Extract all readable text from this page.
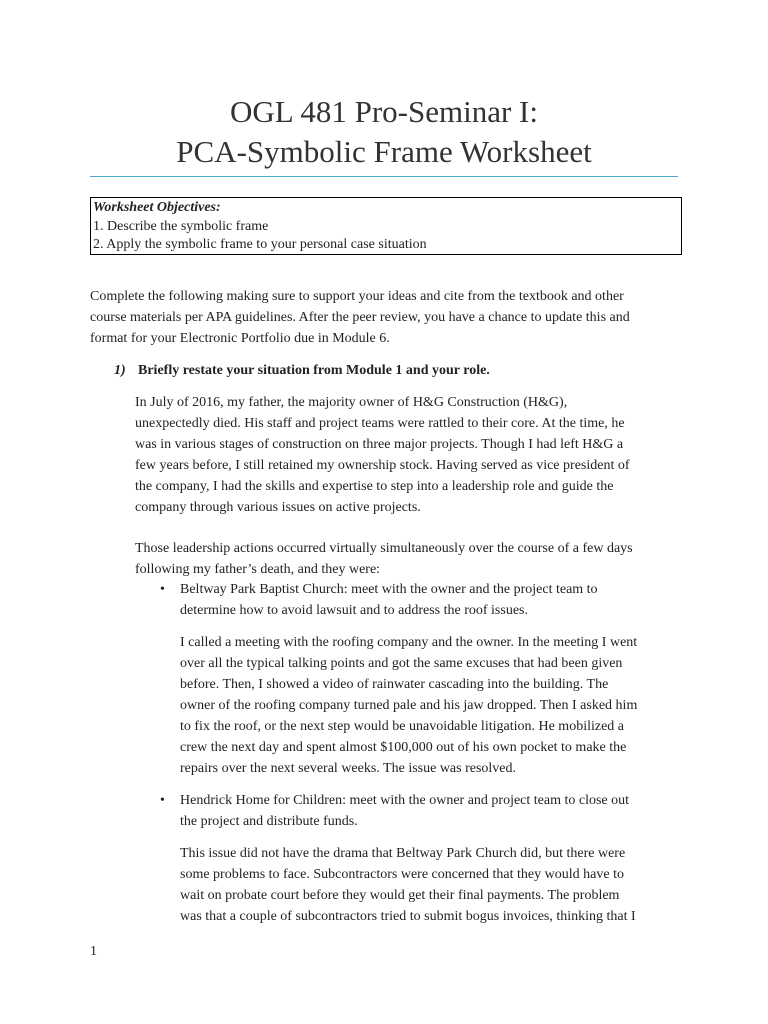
OGL 481 Pro-Seminar I:
PCA-Symbolic Frame Worksheet
Worksheet Objectives:
1. Describe the symbolic frame
2. Apply the symbolic frame to your personal case situation

Complete the following making sure to support your ideas and cite from the textbook and other
course materials per APA guidelines. After the peer review, you have a chance to update this and
format for your Electronic Portfolio due in Module 6.

1) Briefly restate your situation from Module 1 and your role.

In July of 2016, my father, the majority owner of H&G Construction (H&G),
unexpectedly died. His staff and project teams were rattled to their core. At the time, he
was in various stages of construction on three major projects. Though I had left H&G a
few years before, I still retained my ownership stock. Having served as vice president of
the company, I had the skills and expertise to step into a leadership role and guide the
company through various issues on active projects.

Those leadership actions occurred virtually simultaneously over the course of a few days
following my father’s death, and they were:

• Beltway Park Baptist Church: meet with the owner and the project team to
determine how to avoid lawsuit and to address the roof issues.

I called a meeting with the roofing company and the owner. In the meeting I went
over all the typical talking points and got the same excuses that had been given
before. Then, I showed a video of rainwater cascading into the building. The
owner of the roofing company turned pale and his jaw dropped. Then I asked him
to fix the roof, or the next step would be unavoidable litigation. He mobilized a
crew the next day and spent almost $100,000 out of his own pocket to make the
repairs over the next several weeks. The issue was resolved.

• Hendrick Home for Children: meet with the owner and project team to close out
the project and distribute funds.

This issue did not have the drama that Beltway Park Church did, but there were
some problems to face. Subcontractors were concerned that they would have to
wait on probate court before they would get their final payments. The problem
was that a couple of subcontractors tried to submit bogus invoices, thinking that I

1
